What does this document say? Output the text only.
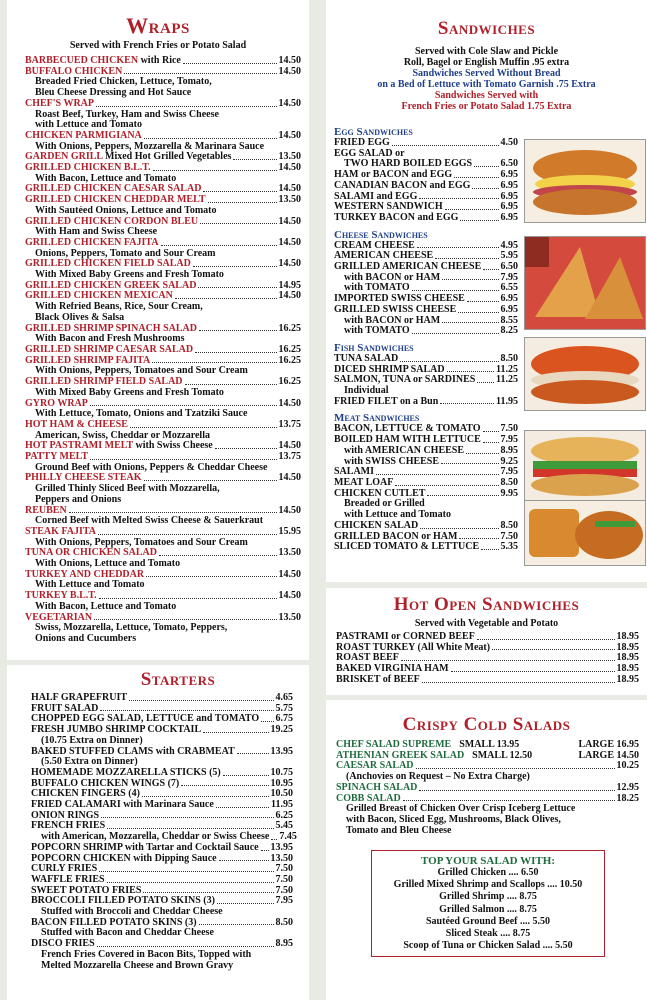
Wraps
Served with French Fries or Potato Salad
BARBECUED CHICKEN with Rice	14.50
BUFFALO CHICKEN	14.50
Breaded Fried Chicken, Lettuce, Tomato,
Bleu Cheese Dressing and Hot Sauce
CHEF'S WRAP	14.50
Roast Beef, Turkey, Ham and Swiss Cheese
with Lettuce and Tomato
CHICKEN PARMIGIANA	14.50
With Onions, Peppers, Mozzarella & Marinara Sauce
GARDEN GRILL Mixed Hot Grilled Vegetables	13.50
GRILLED CHICKEN B.L.T.	14.50
With Bacon, Lettuce and Tomato
GRILLED CHICKEN CAESAR SALAD	14.50
GRILLED CHICKEN CHEDDAR MELT	13.50
With Sautéed Onions, Lettuce and Tomato
GRILLED CHICKEN CORDON BLEU	14.50
With Ham and Swiss Cheese
GRILLED CHICKEN FAJITA	14.50
Onions, Peppers, Tomato and Sour Cream
GRILLED CHICKEN FIELD SALAD	14.50
With Mixed Baby Greens and Fresh Tomato
GRILLED CHICKEN GREEK SALAD	14.95
GRILLED CHICKEN MEXICAN	14.50
With Refried Beans, Rice, Sour Cream,
Black Olives & Salsa
GRILLED SHRIMP SPINACH SALAD	16.25
With Bacon and Fresh Mushrooms
GRILLED SHRIMP CAESAR SALAD	16.25
GRILLED SHRIMP FAJITA	16.25
With Onions, Peppers, Tomatoes and Sour Cream
GRILLED SHRIMP FIELD SALAD	16.25
With Mixed Baby Greens and Fresh Tomato
GYRO WRAP	14.50
With Lettuce, Tomato, Onions and Tzatziki Sauce
HOT HAM & CHEESE	13.75
American, Swiss, Cheddar or Mozzarella
HOT PASTRAMI MELT with Swiss Cheese	14.50
PATTY MELT	13.75
Ground Beef with Onions, Peppers & Cheddar Cheese
PHILLY CHEESE STEAK	14.50
Grilled Thinly Sliced Beef with Mozzarella,
Peppers and Onions
REUBEN	14.50
Corned Beef with Melted Swiss Cheese & Sauerkraut
STEAK FAJITA	15.95
With Onions, Peppers, Tomatoes and Sour Cream
TUNA OR CHICKEN SALAD	13.50
With Onions, Lettuce and Tomato
TURKEY AND CHEDDAR	14.50
With Lettuce and Tomato
TURKEY B.L.T.	14.50
With Bacon, Lettuce and Tomato
VEGETARIAN	13.50
Swiss, Mozzarella, Lettuce, Tomato, Peppers,
Onions and Cucumbers
Starters
HALF GRAPEFRUIT	4.65
FRUIT SALAD	5.75
CHOPPED EGG SALAD, LETTUCE and TOMATO 6.75
FRESH JUMBO SHRIMP COCKTAIL	19.25
(10.75 Extra on Dinner)
BAKED STUFFED CLAMS with CRABMEAT	13.95
(5.50 Extra on Dinner)
HOMEMADE MOZZARELLA STICKS (5)	10.75
BUFFALO CHICKEN WINGS (7)	10.95
CHICKEN FINGERS (4)	10.50
FRIED CALAMARI with Marinara Sauce	11.95
ONION RINGS	6.25
FRENCH FRIES	5.45
with American, Mozzarella, Cheddar or Swiss Cheese 7.45
POPCORN SHRIMP with Tartar and Cocktail Sauce 13.95
POPCORN CHICKEN with Dipping Sauce	13.50
CURLY FRIES	7.50
WAFFLE FRIES	7.50
SWEET POTATO FRIES	7.50
BROCCOLI FILLED POTATO SKINS (3)	7.95
Stuffed with Broccoli and Cheddar Cheese
BACON FILLED POTATO SKINS (3)	8.50
Stuffed with Bacon and Cheddar Cheese
DISCO FRIES	8.95
French Fries Covered in Bacon Bits, Topped with
Melted Mozzarella Cheese and Brown Gravy
Sandwiches
Served with Cole Slaw and Pickle
Roll, Bagel or English Muffin .95 extra
Sandwiches Served Without Bread
on a Bed of Lettuce with Tomato Garnish .75 Extra
Sandwiches Served with
French Fries or Potato Salad 1.75 Extra
Egg Sandwiches
FRIED EGG	4.50
EGG SALAD or
TWO HARD BOILED EGGS	6.50
HAM or BACON and EGG	6.95
CANADIAN BACON and EGG	6.95
SALAMI and EGG	6.95
WESTERN SANDWICH	6.95
TURKEY BACON and EGG	6.95
Cheese Sandwiches
CREAM CHEESE	4.95
AMERICAN CHEESE	5.95
GRILLED AMERICAN CHEESE 6.50
with BACON or HAM	7.95
with TOMATO	6.55
IMPORTED SWISS CHEESE	6.95
GRILLED SWISS CHEESE	6.95
with BACON or HAM	8.55
with TOMATO	8.25
Fish Sandwiches
TUNA SALAD	8.50
DICED SHRIMP SALAD	11.25
SALMON, TUNA or SARDINES 11.25
Individual
FRIED FILET on a Bun	11.95
Meat Sandwiches
BACON, LETTUCE & TOMATO 7.50
BOILED HAM WITH LETTUCE 7.95
with AMERICAN CHEESE	8.95
with SWISS CHEESE	9.25
SALAMI	7.95
MEAT LOAF	8.50
CHICKEN CUTLET	9.95
Breaded or Grilled
with Lettuce and Tomato
CHICKEN SALAD	8.50
GRILLED BACON or HAM	7.50
SLICED TOMATO & LETTUCE 5.35
Hot Open Sandwiches
Served with Vegetable and Potato
PASTRAMI or CORNED BEEF	18.95
ROAST TURKEY (All White Meat)	18.95
ROAST BEEF	18.95
BAKED VIRGINIA HAM	18.95
BRISKET of BEEF	18.95
Crispy Cold Salads
CHEF SALAD SUPREME SMALL 13.95	LARGE 16.95
ATHENIAN GREEK SALAD SMALL 12.50	LARGE 14.50
CAESAR SALAD	10.25
(Anchovies on Request – No Extra Charge)
SPINACH SALAD	12.95
COBB SALAD	18.25
Grilled Breast of Chicken Over Crisp Iceberg Lettuce
with Bacon, Sliced Egg, Mushrooms, Black Olives,
Tomato and Bleu Cheese
TOP YOUR SALAD WITH:
Grilled Chicken .... 6.50
Grilled Mixed Shrimp and Scallops .... 10.50
Grilled Shrimp .... 8.75
Grilled Salmon .... 8.75
Sautéed Ground Beef .... 5.50
Sliced Steak .... 8.75
Scoop of Tuna or Chicken Salad .... 5.50
